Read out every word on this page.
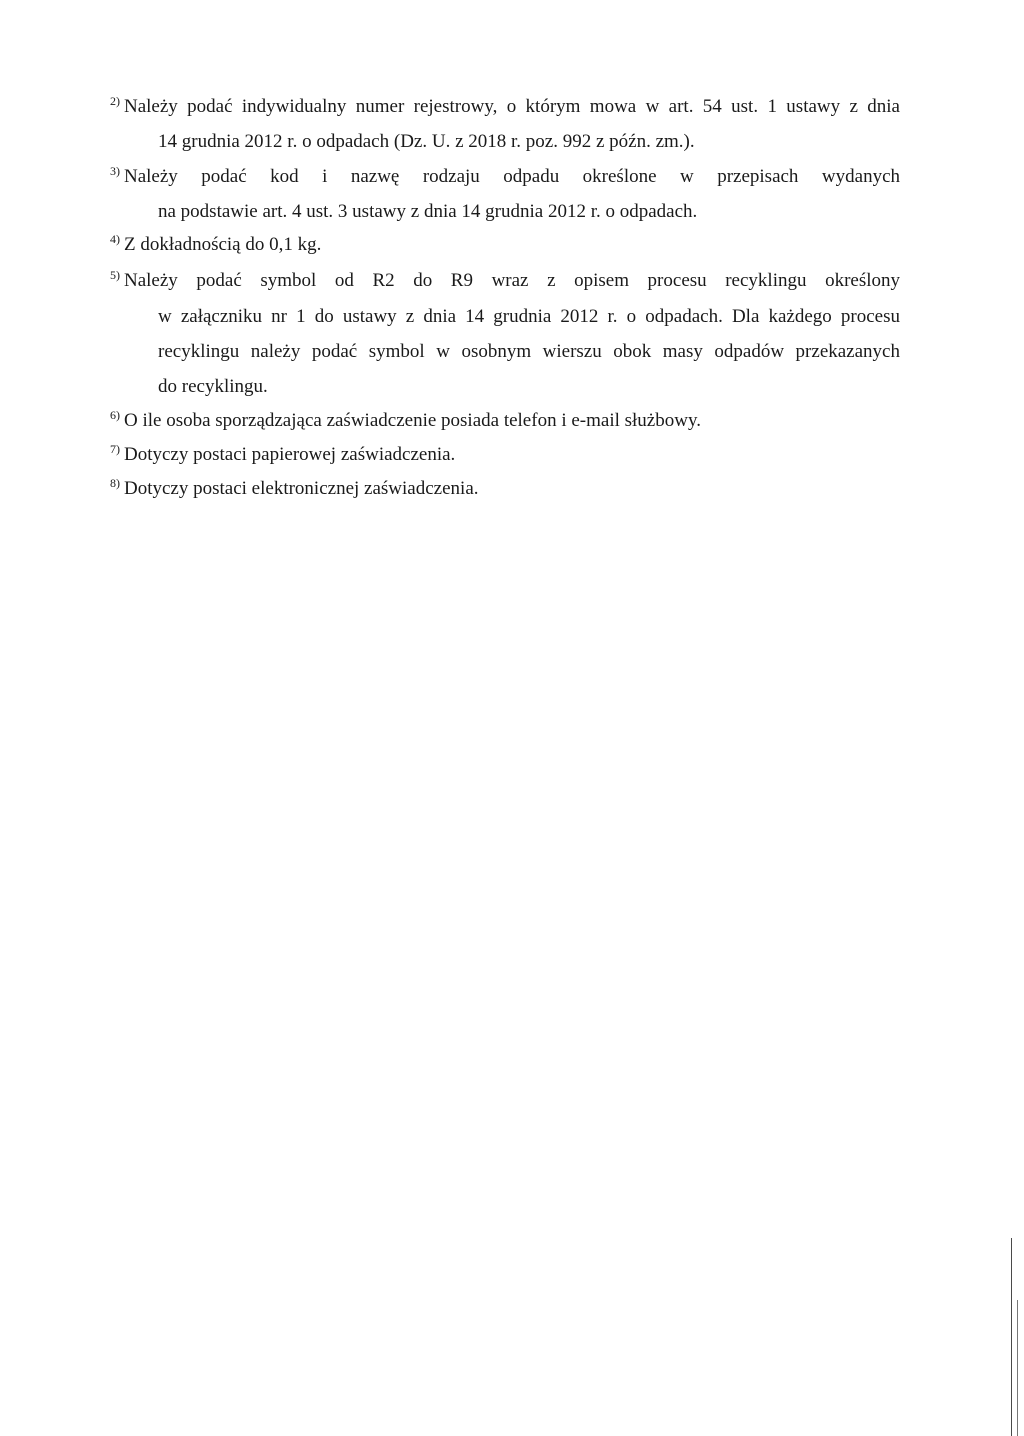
$^{2)}$ Należy podać indywidualny numer rejestrowy, o którym mowa w art. 54 ust. 1 ustawy z dnia
14 grudnia 2012 r. o odpadach (Dz. U. z 2018 r. poz. 992 z późn. zm.).
$^{3)}$ Należy podać kod i nazwę rodzaju odpadu określone w przepisach wydanych
na podstawie art. 4 ust. 3 ustawy z dnia 14 grudnia 2012 r. o odpadach.
$^{4)}$ Z dokładnością do 0,1 kg.
$^{5)}$ Należy podać symbol od R2 do R9 wraz z opisem procesu recyklingu określony
w załączniku nr 1 do ustawy z dnia 14 grudnia 2012 r. o odpadach. Dla każdego procesu
recyklingu należy podać symbol w osobnym wierszu obok masy odpadów przekazanych
do recyklingu.
$^{6)}$ O ile osoba sporządzająca zaświadczenie posiada telefon i e-mail służbowy.
$^{7)}$ Dotyczy postaci papierowej zaświadczenia.
$^{8)}$ Dotyczy postaci elektronicznej zaświadczenia.
